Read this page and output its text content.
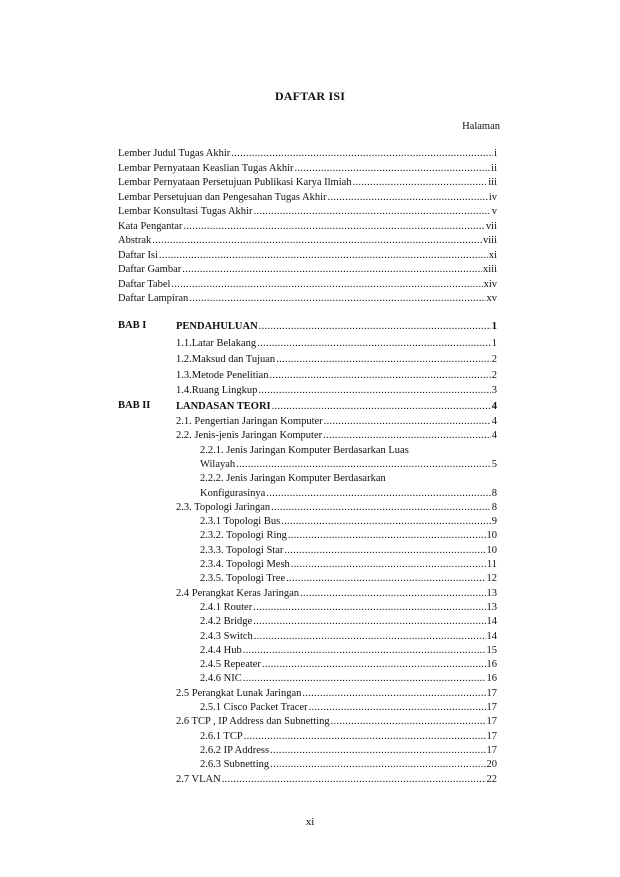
DAFTAR ISI
Halaman
Lember Judul Tugas Akhir .....	i
Lembar Pernyataan Keaslian Tugas Akhir .....	ii
Lembar Pernyataan Persetujuan Publikasi Karya Ilmiah .....	iii
Lembar Persetujuan dan Pengesahan Tugas Akhir .....	iv
Lembar Konsultasi Tugas Akhir .....	v
Kata Pengantar .....	vii
Abstrak .....	viii
Daftar Isi .....	xi
Daftar Gambar .....	xiii
Daftar Tabel .....	xiv
Daftar Lampiran .....	xv
BAB I	PENDAHULUAN .....	1
1.1.Latar Belakang .....	1
1.2.Maksud dan Tujuan .....	2
1.3.Metode Penelitian .....	2
1.4.Ruang Lingkup .....	3
BAB II LANDASAN TEORI .....	4
2.1. Pengertian Jaringan Komputer .....	4
2.2. Jenis-jenis Jaringan Komputer .....	4
2.2.1. Jenis Jaringan Komputer Berdasarkan Luas
Wilayah .....	5
2.2.2. Jenis Jaringan Komputer Berdasarkan
Konfigurasinya .....	8
2.3. Topologi Jaringan .....	8
2.3.1 Topologi Bus .....	9
2.3.2. Topologi Ring .....	10
2.3.3. Topologi Star .....	10
2.3.4. Topologi Mesh .....	11
2.3.5. Topologi Tree .....	12
2.4 Perangkat Keras Jaringan .....	13
2.4.1 Router .....	13
2.4.2 Bridge .....	14
2.4.3 Switch .....	14
2.4.4 Hub .....	15
2.4.5 Repeater .....	16
2.4.6 NIC .....	16
2.5 Perangkat Lunak Jaringan .....	17
2.5.1 Cisco Packet Tracer .....	17
2.6 TCP , IP Address dan Subnetting .....	17
2.6.1 TCP .....	17
2.6.2 IP Address .....	17
2.6.3 Subnetting .....	20
2.7 VLAN .....	22
xi
